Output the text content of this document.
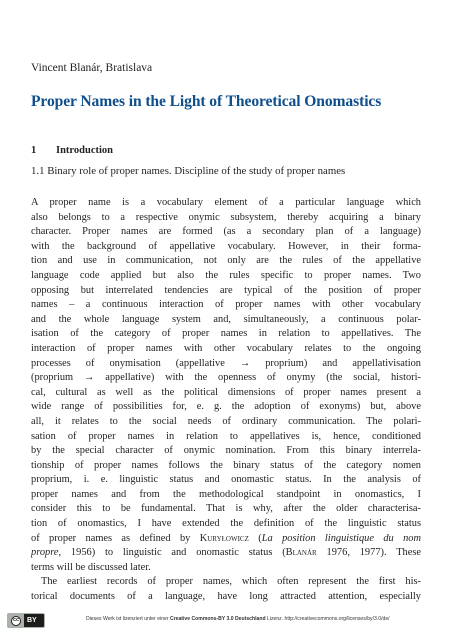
Vincent Blanár, Bratislava
Proper Names in the Light of Theoretical Onomastics
1 Introduction
1.1 Binary role of proper names. Discipline of the study of proper names
A proper name is a vocabulary element of a particular language which
also belongs to a respective onymic subsystem, thereby acquiring a binary
character. Proper names are formed (as a secondary plan of a language)
with the background of appellative vocabulary. However, in their forma-
tion and use in communication, not only are the rules of the appellative
language code applied but also the rules specific to proper names. Two
opposing but interrelated tendencies are typical of the position of proper
names – a continuous interaction of proper names with other vocabulary
and the whole language system and, simultaneously, a continuous polar-
isation of the category of proper names in relation to appellatives. The
interaction of proper names with other vocabulary relates to the ongoing
processes of onymisation (appellative → proprium) and appellativisation
(proprium → appellative) with the openness of onymy (the social, histori-
cal, cultural as well as the political dimensions of proper names present a
wide range of possibilities for, e. g. the adoption of exonyms) but, above
all, it relates to the social needs of ordinary communication. The polari-
sation of proper names in relation to appellatives is, hence, conditioned
by the special character of onymic nomination. From this binary interrela-
tionship of proper names follows the binary status of the category nomen
proprium, i. e. linguistic status and onomastic status. In the analysis of
proper names and from the methodological standpoint in onomastics, I
consider this to be fundamental. That is why, after the older characterisa-
tion of onomastics, I have extended the definition of the linguistic status
of proper names as defined by Kuryłowicz (La position linguistique du nom
propre, 1956) to linguistic and onomastic status (Blanár 1976, 1977). These
terms will be discussed later.
The earliest records of proper names, which often represent the first his-
torical documents of a language, have long attracted attention, especially
cc	BY	Dieses Werk ist lizenziert unter einer Creative Commons-BY 3.0 Deutschland Lizenz. http://creativecommons.org/licenses/by/3.0/de/
